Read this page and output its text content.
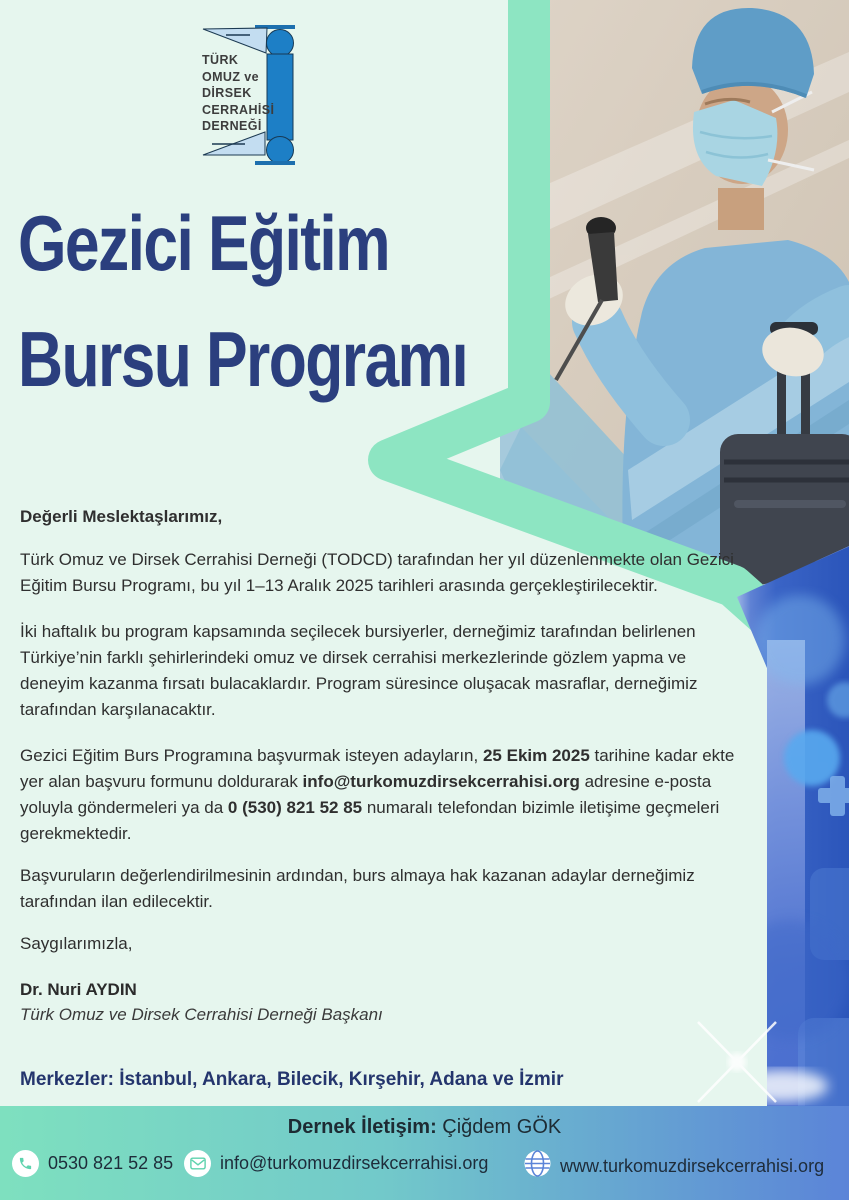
TÜRK
OMUZ ve
DİRSEK
CERRAHİSİ
DERNEĞİ
Gezici Eğitim
Bursu Programı

Değerli Meslektaşlarımız,

Türk Omuz ve Dirsek Cerrahisi Derneği (TODCD) tarafından her yıl düzenlenmekte olan Gezici Eğitim Bursu Programı, bu yıl 1–13 Aralık 2025 tarihleri arasında gerçekleştirilecektir.

İki haftalık bu program kapsamında seçilecek bursiyerler, derneğimiz tarafından belirlenen Türkiye’nin farklı şehirlerindeki omuz ve dirsek cerrahisi merkezlerinde gözlem yapma ve deneyim kazanma fırsatı bulacaklardır. Program süresince oluşacak masraflar, derneğimiz tarafından karşılanacaktır.

Gezici Eğitim Burs Programına başvurmak isteyen adayların, 25 Ekim 2025 tarihine kadar ekte yer alan başvuru formunu doldurarak info@turkomuzdirsekcerrahisi.org adresine e-posta yoluyla göndermeleri ya da 0 (530) 821 52 85 numaralı telefondan bizimle iletişime geçmeleri gerekmektedir.

Başvuruların değerlendirilmesinin ardından, burs almaya hak kazanan adaylar derneğimiz tarafından ilan edilecektir.

Saygılarımızla,

Dr. Nuri AYDIN

Türk Omuz ve Dirsek Cerrahisi Derneği Başkanı

Merkezler: İstanbul, Ankara, Bilecik, Kırşehir, Adana ve İzmir

Dernek İletişim: Çiğdem GÖK

0530 821 52 85	info@turkomuzdirsekcerrahisi.org	www.turkomuzdirsekcerrahisi.org
